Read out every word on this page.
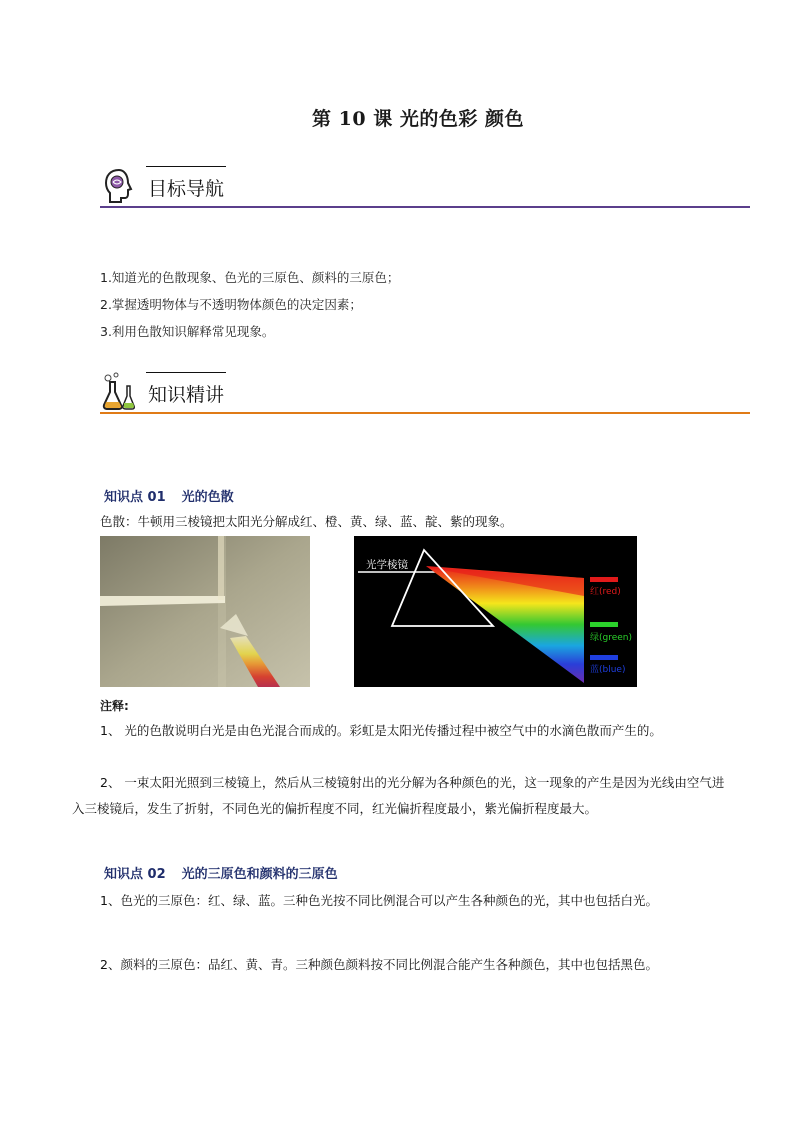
第 10 课 光的色彩 颜色
目标导航
1.知道光的色散现象、色光的三原色、颜料的三原色；
2.掌握透明物体与不透明物体颜色的决定因素；
3.利用色散知识解释常见现象。
知识精讲
知识点 01 光的色散
色散：牛顿用三棱镜把太阳光分解成红、橙、黄、绿、蓝、靛、紫的现象。
光学棱镜
红(red)
绿(green)
蓝(blue)
注释:
1、 光的色散说明白光是由色光混合而成的。彩虹是太阳光传播过程中被空气中的水滴色散而产生的。
2、 一束太阳光照到三棱镜上，然后从三棱镜射出的光分解为各种颜色的光，这一现象的产生是因为光线由空气进入三棱镜后，发生了折射，不同色光的偏折程度不同，红光偏折程度最小，紫光偏折程度最大。
知识点 02 光的三原色和颜料的三原色
1、色光的三原色：红、绿、蓝。三种色光按不同比例混合可以产生各种颜色的光，其中也包括白光。
2、颜料的三原色：品红、黄、青。三种颜色颜料按不同比例混合能产生各种颜色，其中也包括黑色。
